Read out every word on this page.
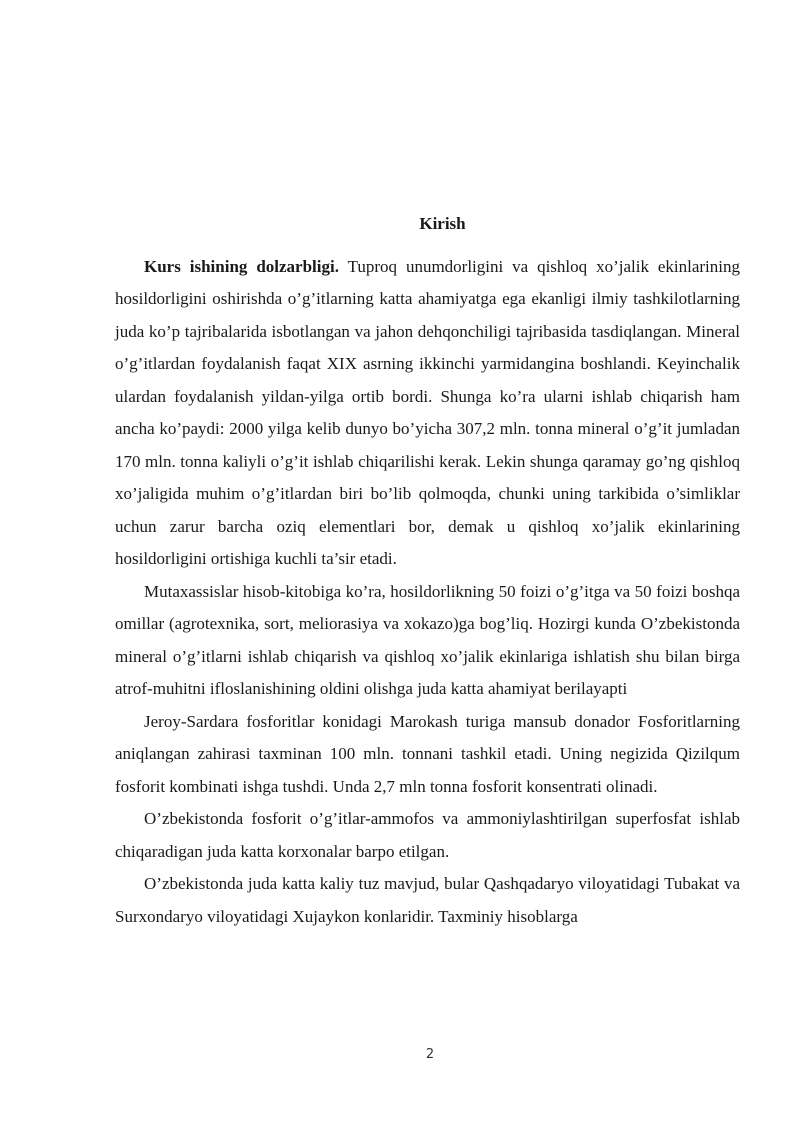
Kirish

Kurs ishining dolzarbligi. Tuproq unumdorligini va qishloq xo’jalik ekinlarining hosildorligini oshirishda o’g’itlarning katta ahamiyatga ega ekanligi ilmiy tashkilotlarning juda ko’p tajribalarida isbotlangan va jahon dehqonchiligi tajribasida tasdiqlangan. Mineral o’g’itlardan foydalanish faqat XIX asrning ikkinchi yarmidangina boshlandi. Keyinchalik ulardan foydalanish yildan-yilga ortib bordi. Shunga ko’ra ularni ishlab chiqarish ham ancha ko’paydi: 2000 yilga kelib dunyo bo’yicha 307,2 mln. tonna mineral o’g’it jumladan 170 mln. tonna kaliyli o’g’it ishlab chiqarilishi kerak. Lekin shunga qaramay go’ng qishloq xo’jaligida muhim o’g’itlardan biri bo’lib qolmoqda, chunki uning tarkibida o’simliklar uchun zarur barcha oziq elementlari bor, demak u qishloq xo’jalik ekinlarining hosildorligini ortishiga kuchli ta’sir etadi.

Mutaxassislar hisob-kitobiga ko’ra, hosildorlikning 50 foizi o’g’itga va 50 foizi boshqa omillar (agrotexnika, sort, meliorasiya va xokazo)ga bog’liq. Hozirgi kunda O’zbekistonda mineral o’g’itlarni ishlab chiqarish va qishloq xo’jalik ekinlariga ishlatish shu bilan birga atrof-muhitni ifloslanishining oldini olishga juda katta ahamiyat berilayapti

Jeroy-Sardara fosforitlar konidagi Marokash turiga mansub donador Fosforitlarning aniqlangan zahirasi taxminan 100 mln. tonnani tashkil etadi. Uning negizida Qizilqum fosforit kombinati ishga tushdi. Unda 2,7 mln tonna fosforit konsentrati olinadi.

O’zbekistonda fosforit o’g’itlar-ammofos va ammoniylashtirilgan superfosfat ishlab chiqaradigan juda katta korxonalar barpo etilgan.

O’zbekistonda juda katta kaliy tuz mavjud, bular Qashqadaryo viloyatidagi Tubakat va Surxondaryo viloyatidagi Xujaykon konlaridir. Taxminiy hisoblarga

2
